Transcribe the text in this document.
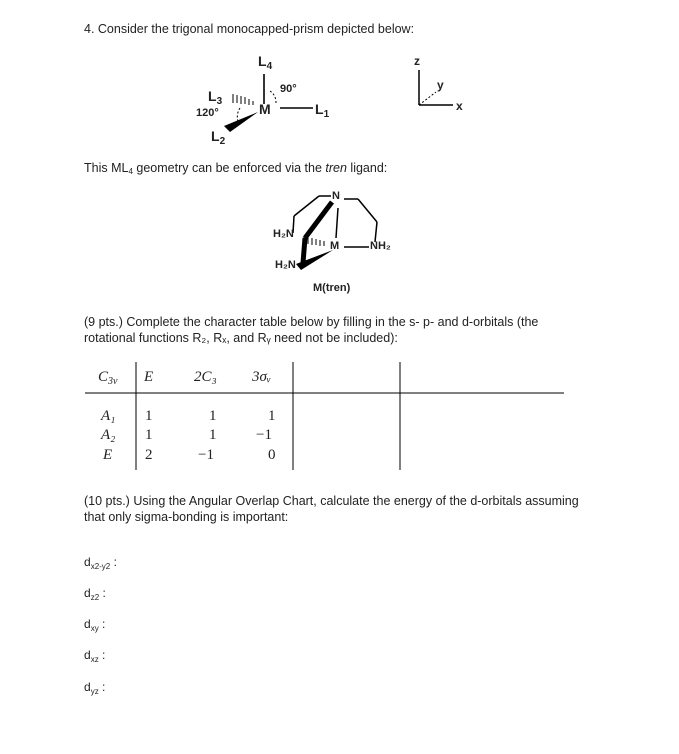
4. Consider the trigonal monocapped-prism depicted below:
$L_4$
90°
$L_3$	M	$L_1$
120°
$L_2$
z
y
x
This ML4 geometry can be enforced via the tren ligand:
N
H₂N
M	NH₂
H₂N
M(tren)
(9 pts.) Complete the character table below by filling in the s- p- and d-orbitals (the
rotational functions R₂, Rₓ, and Rᵧ need not be included):
$C_{3v}$ E	2C₃ 3σᵥ
A₁ 1	1	1
A₂ 1	1	−1
E 2	−1	0
(10 pts.) Using the Angular Overlap Chart, calculate the energy of the d-orbitals assuming
that only sigma-bonding is important:
$d_{x2-y2}$ :
$d_{z2}$ :
$d_{xy}$ :
$d_{xz}$ :
$d_{yz}$ :
